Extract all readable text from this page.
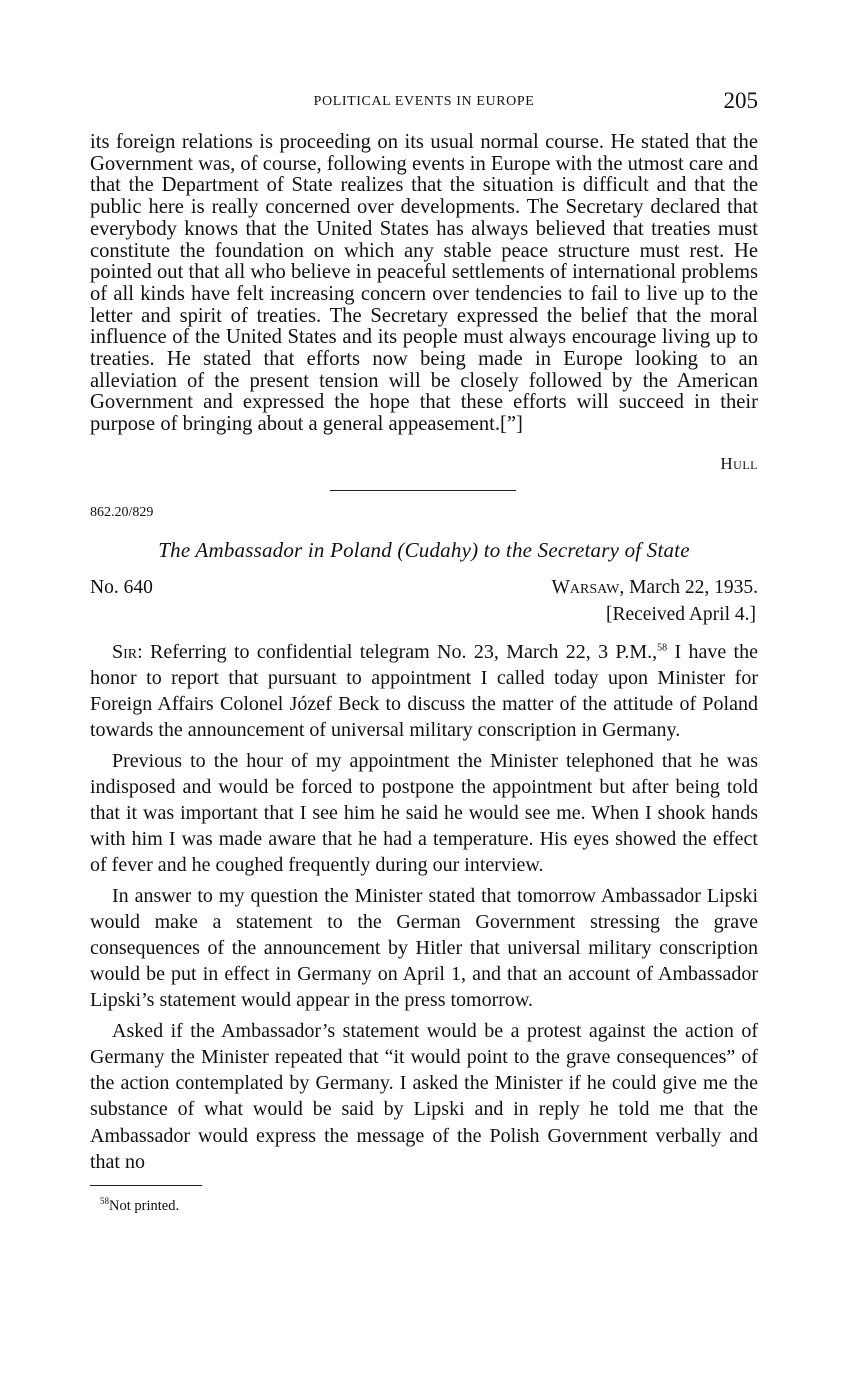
POLITICAL EVENTS IN EUROPE	205

its foreign relations is proceeding on its usual normal course. He stated that the Government was, of course, following events in Europe with the utmost care and that the Department of State realizes that the situation is difficult and that the public here is really concerned over developments. The Secretary declared that everybody knows that the United States has always believed that treaties must constitute the foundation on which any stable peace structure must rest. He pointed out that all who believe in peaceful settlements of international problems of all kinds have felt increasing concern over tendencies to fail to live up to the letter and spirit of treaties. The Secretary expressed the belief that the moral influence of the United States and its people must always encourage living up to treaties. He stated that efforts now being made in Europe looking to an alleviation of the present tension will be closely followed by the American Government and expressed the hope that these efforts will succeed in their purpose of bringing about a general appeasement.[”]

Hull
862.20/829
The Ambassador in Poland (Cudahy) to the Secretary of State
No. 640	Warsaw, March 22, 1935.
[Received April 4.]

Sir: Referring to confidential telegram No. 23, March 22, 3 P.M.,$^{58}$ I have the honor to report that pursuant to appointment I called today upon Minister for Foreign Affairs Colonel Józef Beck to discuss the matter of the attitude of Poland towards the announcement of universal military conscription in Germany.

Previous to the hour of my appointment the Minister telephoned that he was indisposed and would be forced to postpone the appointment but after being told that it was important that I see him he said he would see me. When I shook hands with him I was made aware that he had a temperature. His eyes showed the effect of fever and he coughed frequently during our interview.

In answer to my question the Minister stated that tomorrow Ambassador Lipski would make a statement to the German Government stressing the grave consequences of the announcement by Hitler that universal military conscription would be put in effect in Germany on April 1, and that an account of Ambassador Lipski’s statement would appear in the press tomorrow.

Asked if the Ambassador’s statement would be a protest against the action of Germany the Minister repeated that “it would point to the grave consequences” of the action contemplated by Germany. I asked the Minister if he could give me the substance of what would be said by Lipski and in reply he told me that the Ambassador would express the message of the Polish Government verbally and that no

$^{58}$Not printed.
